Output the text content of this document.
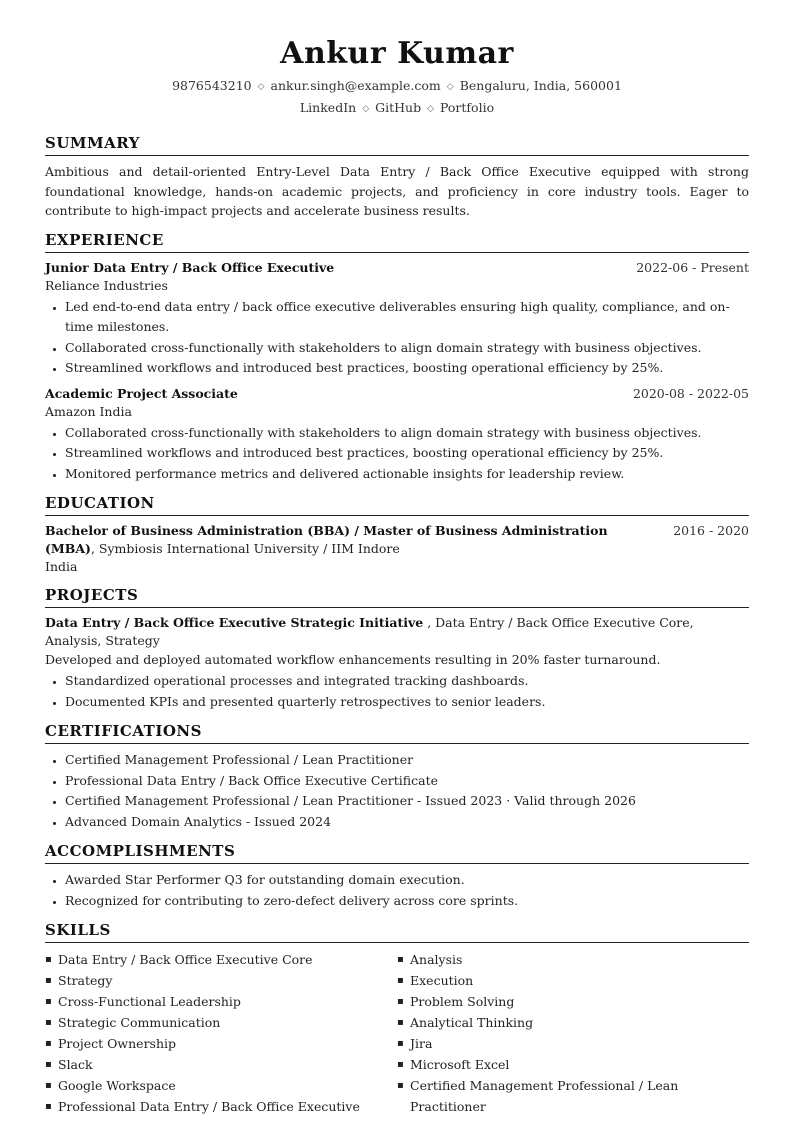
Ankur Kumar
9876543210 ◇ ankur.singh@example.com ◇ Bengaluru, India, 560001
LinkedIn ◇ GitHub ◇ Portfolio
SUMMARY

Ambitious and detail-oriented Entry-Level Data Entry / Back Office Executive equipped with strong foundational knowledge, hands-on academic projects, and proficiency in core industry tools. Eager to contribute to high-impact projects and accelerate business results.

EXPERIENCE
Junior Data Entry / Back Office Executive	2022-06 - Present
Reliance Industries
• Led end-to-end data entry / back office executive deliverables ensuring high quality, compliance, and on-time milestones.
• Collaborated cross-functionally with stakeholders to align domain strategy with business objectives.
• Streamlined workflows and introduced best practices, boosting operational efficiency by 25%.
Academic Project Associate	2020-08 - 2022-05
Amazon India
• Collaborated cross-functionally with stakeholders to align domain strategy with business objectives.
• Streamlined workflows and introduced best practices, boosting operational efficiency by 25%.
• Monitored performance metrics and delivered actionable insights for leadership review.
EDUCATION
Bachelor of Business Administration (BBA) / Master of Business Administration (MBA), Symbiosis International University / IIM Indore
2016 - 2020
India
PROJECTS
Data Entry / Back Office Executive Strategic Initiative , Data Entry / Back Office Executive Core, Analysis, Strategy
Developed and deployed automated workflow enhancements resulting in 20% faster turnaround.
• Standardized operational processes and integrated tracking dashboards.
• Documented KPIs and presented quarterly retrospectives to senior leaders.
CERTIFICATIONS
• Certified Management Professional / Lean Practitioner
• Professional Data Entry / Back Office Executive Certificate
• Certified Management Professional / Lean Practitioner - Issued 2023 · Valid through 2026
• Advanced Domain Analytics - Issued 2024
ACCOMPLISHMENTS
• Awarded Star Performer Q3 for outstanding domain execution.
• Recognized for contributing to zero-defect delivery across core sprints.
SKILLS
▪ Data Entry / Back Office Executive Core
▪ Strategy
▪ Cross-Functional Leadership
▪ Strategic Communication
▪ Project Ownership
▪ Slack
▪ Google Workspace
▪ Professional Data Entry / Back Office Executive
▪ Analysis
▪ Execution
▪ Problem Solving
▪ Analytical Thinking
▪ Jira
▪ Microsoft Excel
▪ Certified Management Professional / Lean Practitioner
